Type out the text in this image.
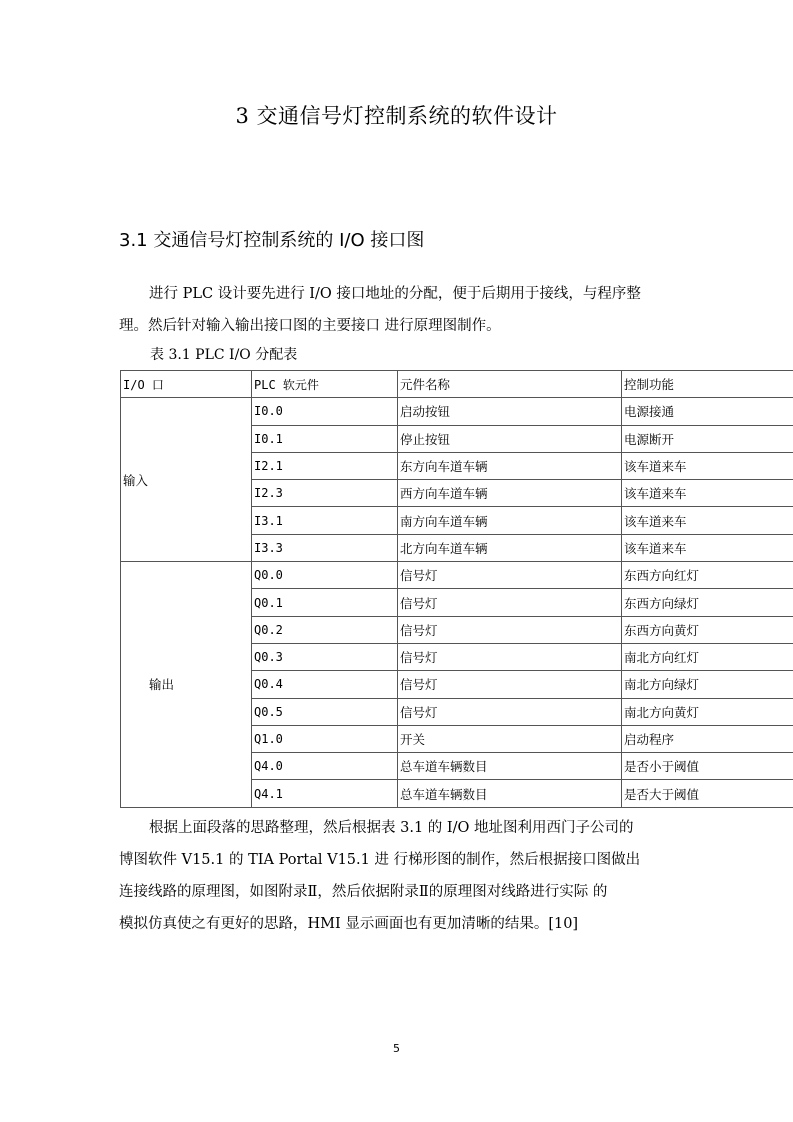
3 交通信号灯控制系统的软件设计
3.1 交通信号灯控制系统的 I/O 接口图
进行 PLC 设计要先进行 I/O 接口地址的分配，便于后期用于接线，与程序整
理。然后针对输入输出接口图的主要接口 进行原理图制作。
表 3.1 PLC I/O 分配表
I/O 口	PLC 软元件	元件名称	控制功能
输入	I0.0	启动按钮	电源接通
	I0.1	停止按钮	电源断开
	I2.1	东方向车道车辆	该车道来车
	I2.3	西方向车道车辆	该车道来车
	I3.1	南方向车道车辆	该车道来车
	I3.3	北方向车道车辆	该车道来车
输出	Q0.0	信号灯	东西方向红灯
	Q0.1	信号灯	东西方向绿灯
	Q0.2	信号灯	东西方向黄灯
	Q0.3	信号灯	南北方向红灯
	Q0.4	信号灯	南北方向绿灯
	Q0.5	信号灯	南北方向黄灯
	Q1.0	开关	启动程序
	Q4.0	总车道车辆数目	是否小于阈值
	Q4.1	总车道车辆数目	是否大于阈值
根据上面段落的思路整理，然后根据表 3.1 的 I/O 地址图利用西门子公司的
博图软件 V15.1 的 TIA Portal V15.1 进 行梯形图的制作，然后根据接口图做出
连接线路的原理图，如图附录Ⅱ，然后依据附录Ⅱ的原理图对线路进行实际 的
模拟仿真使之有更好的思路，HMI 显示画面也有更加清晰的结果。[10]
5
